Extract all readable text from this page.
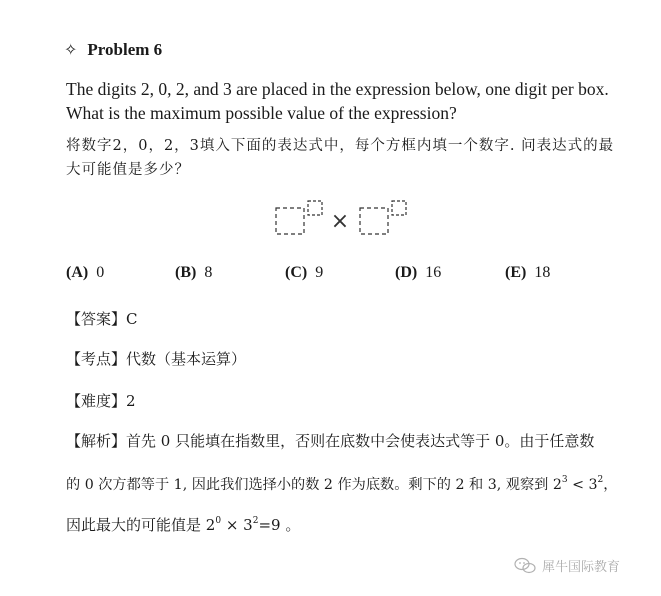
✧ Problem 6
The digits 2, 0, 2, and 3 are placed in the expression below, one digit per box.
What is the maximum possible value of the expression?
将数字2，0，2，3填入下面的表达式中，每个方框内填一个数字. 问表达式的最
大可能值是多少？
×
(A) 0	(B) 8	(C) 9	(D) 16	(E) 18
【答案】C
【考点】代数（基本运算）
【难度】2
【解析】首先 0 只能填在指数里，否则在底数中会使表达式等于 0。由于任意数
的 0 次方都等于 1, 因此我们选择小的数 2 作为底数。剩下的 2 和 3, 观察到 $2^3 < 3^2$，
因此最大的可能值是 $2^0 \times 3^2=9$ 。
犀牛国际教育
